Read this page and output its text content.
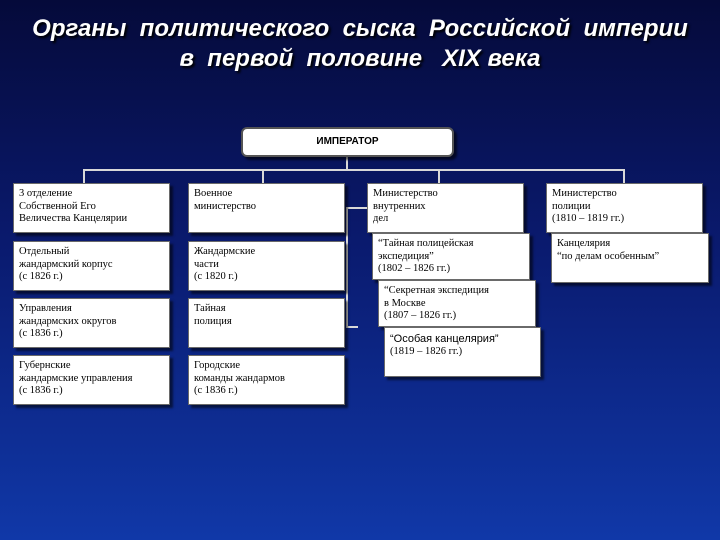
Органы  политического  сыска  Российской  империи
в  первой  половине   XIX века
ИМПЕРАТОР
3 отделение
Собственной Его
Величества Канцелярии
Отдельный
жандармский корпус
(с 1826 г.)
Управления
жандармских округов
(с 1836 г.)
Губернские
жандармские управления
(с 1836 г.)
Военное
министерство
Жандармские
части
(с 1820 г.)
Тайная
полиция
Городские
команды жандармов
(с 1836 г.)
Министерство
внутренних
дел
“Тайная полицейская
экспедиция”
(1802 – 1826 гг.)
“Секретная экспедиция
в Москве
(1807 – 1826 гг.)
“Особая канцелярия”
(1819 – 1826 гг.)
Министерство
полиции
(1810 – 1819 гг.)
Канцелярия
“по делам особенным”
